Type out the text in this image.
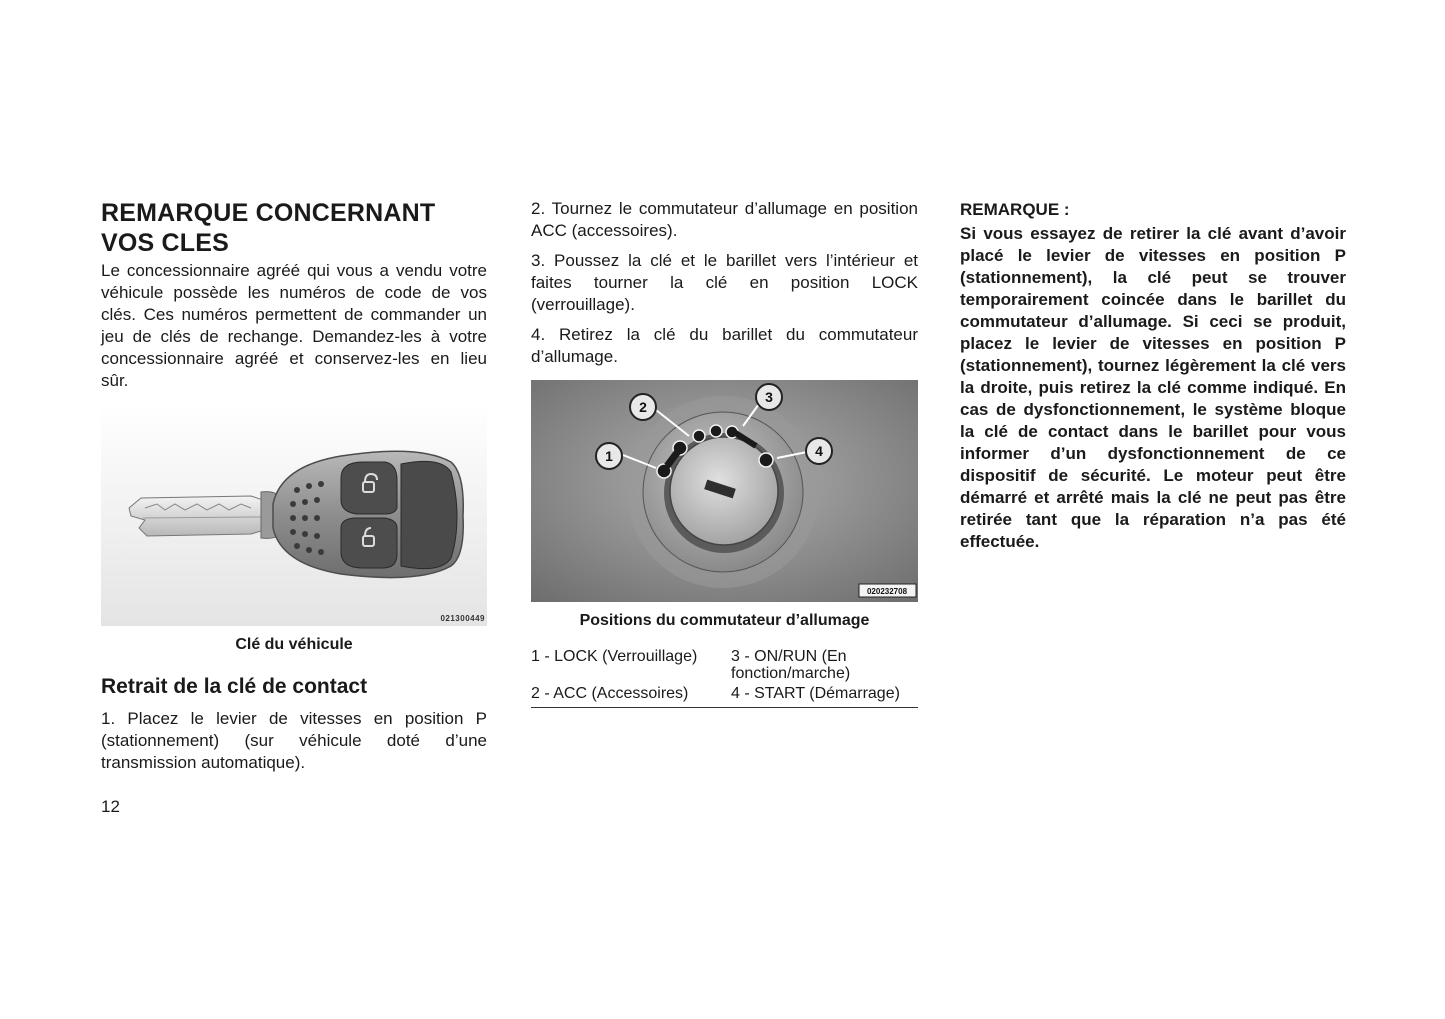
REMARQUE CONCERNANT VOS CLES

Le concessionnaire agréé qui vous a vendu votre véhicule possède les numéros de code de vos clés. Ces numéros permettent de commander un jeu de clés de rechange. Demandez-les à votre concessionnaire agréé et conservez-les en lieu sûr.

021300449
Clé du véhicule
Retrait de la clé de contact

1. Placez le levier de vitesses en position P (stationnement) (sur véhicule doté d’une transmission automatique).

2. Tournez le commutateur d’allumage en position ACC (accessoires).

3. Poussez la clé et le barillet vers l’intérieur et faites tourner la clé en position LOCK (verrouillage).

4. Retirez la clé du barillet du commutateur d’allumage.

1
2
3
4
020232708
Positions du commutateur d’allumage
1 - LOCK (Verrouillage)	3 - ON/RUN (En fonction/marche)
2 - ACC (Accessoires)	4 - START (Démarrage)
REMARQUE :

Si vous essayez de retirer la clé avant d’avoir placé le levier de vitesses en position P (stationnement), la clé peut se trouver temporairement coincée dans le barillet du commutateur d’allumage. Si ceci se produit, placez le levier de vitesses en position P (stationnement), tournez légèrement la clé vers la droite, puis retirez la clé comme indiqué. En cas de dysfonctionnement, le système bloque la clé de contact dans le barillet pour vous informer d’un dysfonctionnement de ce dispositif de sécurité. Le moteur peut être démarré et arrêté mais la clé ne peut pas être retirée tant que la réparation n’a pas été effectuée.

12
